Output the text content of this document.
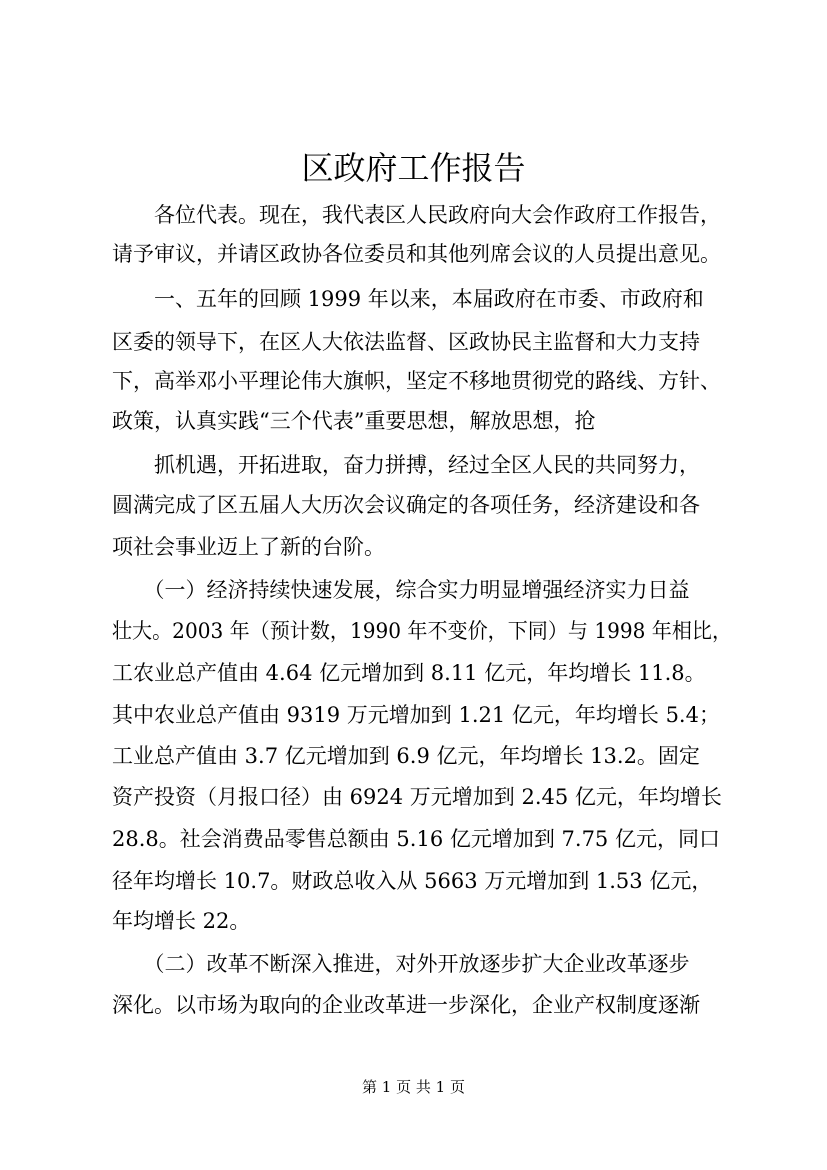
区政府工作报告
　　各位代表。现在，我代表区人民政府向大会作政府工作报告，
请予审议，并请区政协各位委员和其他列席会议的人员提出意见。
　　一、五年的回顾 1999 年以来，本届政府在市委、市政府和
区委的领导下，在区人大依法监督、区政协民主监督和大力支持
下，高举邓小平理论伟大旗帜，坚定不移地贯彻党的路线、方针、
政策，认真实践“三个代表”重要思想，解放思想，抢
　　抓机遇，开拓进取，奋力拼搏，经过全区人民的共同努力，
圆满完成了区五届人大历次会议确定的各项任务，经济建设和各
项社会事业迈上了新的台阶。
　　（一）经济持续快速发展，综合实力明显增强经济实力日益
壮大。2003 年（预计数，1990 年不变价，下同）与 1998 年相比，
工农业总产值由 4.64 亿元增加到 8.11 亿元，年均增长 11.8。
其中农业总产值由 9319 万元增加到 1.21 亿元，年均增长 5.4；
工业总产值由 3.7 亿元增加到 6.9 亿元，年均增长 13.2。固定
资产投资（月报口径）由 6924 万元增加到 2.45 亿元，年均增长
28.8。社会消费品零售总额由 5.16 亿元增加到 7.75 亿元，同口
径年均增长 10.7。财政总收入从 5663 万元增加到 1.53 亿元，
年均增长 22。
　　（二）改革不断深入推进，对外开放逐步扩大企业改革逐步
深化。以市场为取向的企业改革进一步深化，企业产权制度逐渐
第 1 页 共 1 页
